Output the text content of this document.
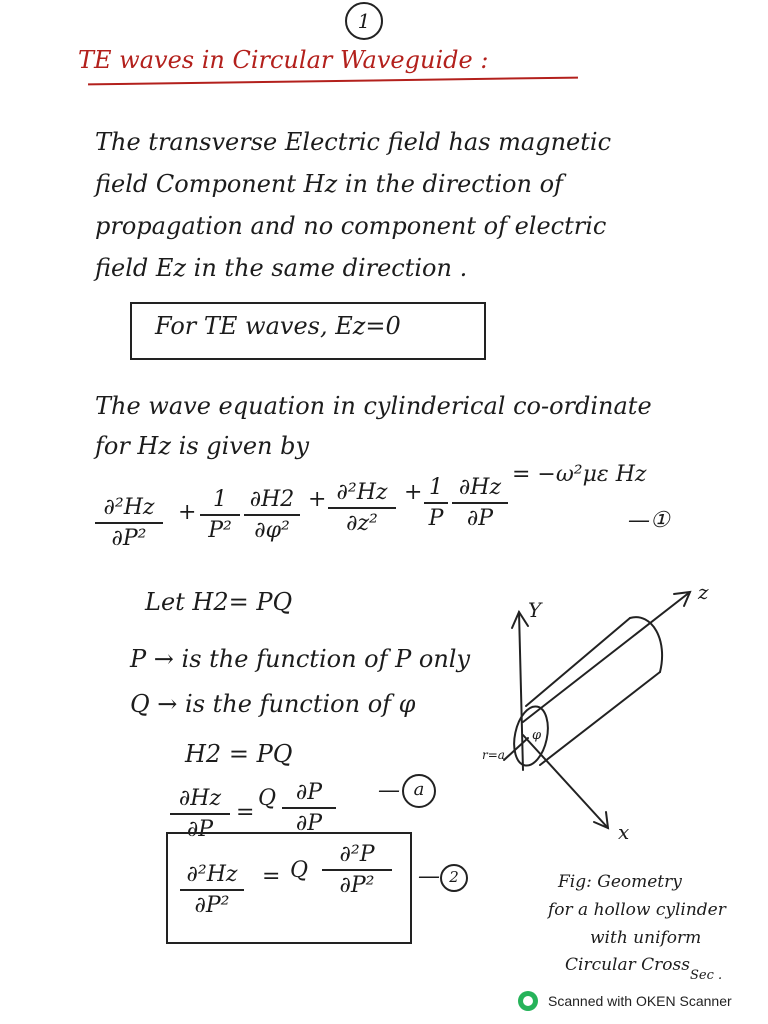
1
TE waves in Circular Waveguide :
The transverse Electric field has magnetic
field Component Hz in the direction of
propagation and no component of electric
field Ez in the same direction .
For TE waves, Ez=0
The wave equation in cylinderical co-ordinate
for Hz is given by
∂²Hz
∂P²
+
1
P²
∂H2
∂φ²
+ ∂²Hz
∂z²
+ 1
P
∂Hz
∂P
= −ω²με Hz
—①
Let H2= PQ
P → is the function of P only
Q → is the function of φ
H2 = PQ
∂Hz
∂P
=
Q ∂P
∂P
— a
∂²Hz
∂P²
= Q
∂²P
∂P²	— 2
Y
z
x
r=a
φ
Fig: Geometry
for a hollow cylinder
with uniform
Circular Cross
Sec .
Scanned with OKEN Scanner
